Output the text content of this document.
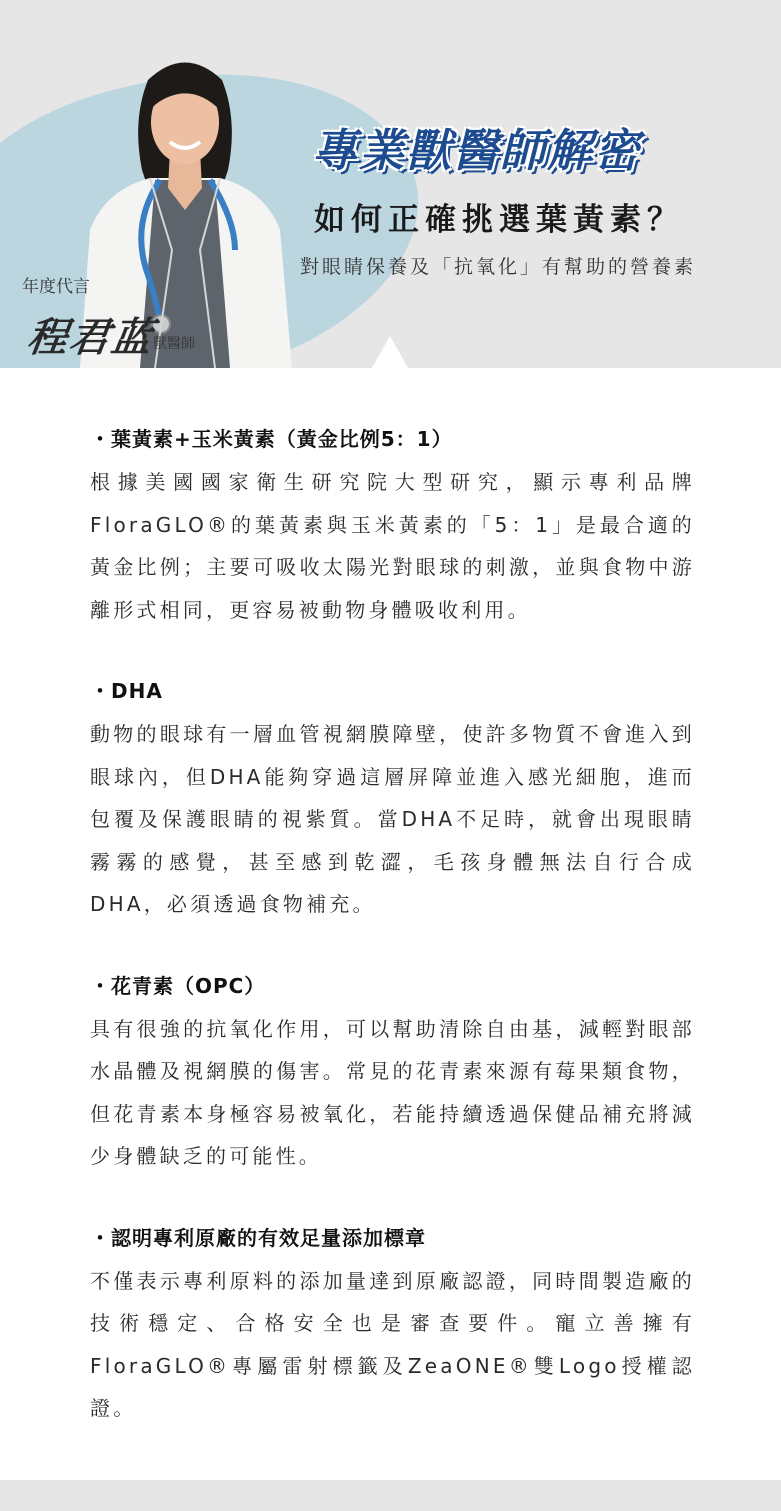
專業獸醫師解密
如何正確挑選葉黃素？
對眼睛保養及「抗氧化」有幫助的營養素
年度代言
程君蓝
獸醫師
・葉黃素+玉米黃素（黃金比例5：1）
根據美國國家衛生研究院大型研究，顯示專利品牌FloraGLO®的葉黃素與玉米黃素的「5：1」是最合適的黃金比例；主要可吸收太陽光對眼球的刺激，並與食物中游離形式相同，更容易被動物身體吸收利用。
・DHA
動物的眼球有一層血管視網膜障壁，使許多物質不會進入到眼球內，但DHA能夠穿過這層屏障並進入感光細胞，進而包覆及保護眼睛的視紫質。當DHA不足時，就會出現眼睛霧霧的感覺，甚至感到乾澀，毛孩身體無法自行合成DHA，必須透過食物補充。
・花青素（OPC）
具有很強的抗氧化作用，可以幫助清除自由基，減輕對眼部水晶體及視網膜的傷害。常見的花青素來源有莓果類食物，但花青素本身極容易被氧化，若能持續透過保健品補充將減少身體缺乏的可能性。
・認明專利原廠的有效足量添加標章
不僅表示專利原料的添加量達到原廠認證，同時間製造廠的技術穩定、合格安全也是審查要件。寵立善擁有FloraGLO®專屬雷射標籤及ZeaONE®雙Logo授權認證。
